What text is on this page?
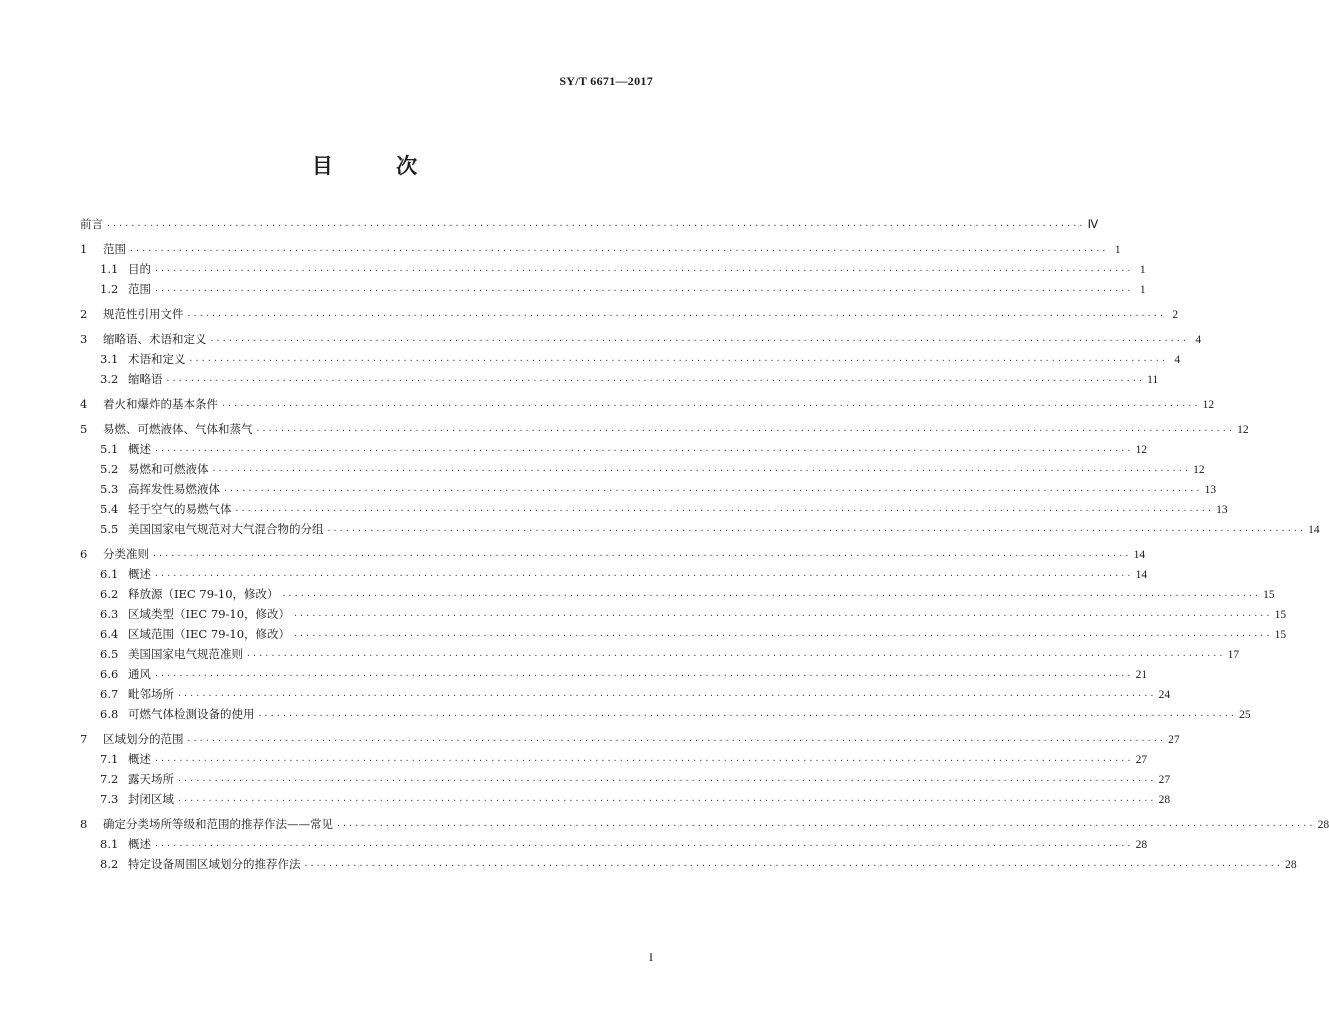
SY/T 6671—2017
目 次
前言 ································································································································································ Ⅳ
1	范围 ································································································································································ 1
1.1 目的 ································································································································································ 1
1.2 范围 ································································································································································ 1
2	规范性引用文件 ································································································································································ 2
3	缩略语、术语和定义 ································································································································································ 4
3.1 术语和定义 ································································································································································ 4
3.2 缩略语 ································································································································································ 11
4	着火和爆炸的基本条件 ································································································································································ 12
5	易燃、可燃液体、气体和蒸气 ································································································································································ 12
5.1 概述 ································································································································································ 12
5.2 易燃和可燃液体 ································································································································································ 12
5.3 高挥发性易燃液体 ································································································································································ 13
5.4 轻于空气的易燃气体 ································································································································································ 13
5.5 美国国家电气规范对大气混合物的分组 ································································································································································ 14
6	分类准则 ································································································································································ 14
6.1 概述 ································································································································································ 14
6.2 释放源（IEC 79-10，修改） ································································································································································ 15
6.3 区域类型（IEC 79-10，修改） ································································································································································ 15
6.4 区域范围（IEC 79-10，修改） ································································································································································ 15
6.5 美国国家电气规范准则 ································································································································································ 17
6.6 通风 ································································································································································ 21
6.7 毗邻场所 ································································································································································ 24
6.8 可燃气体检测设备的使用 ································································································································································ 25
7	区域划分的范围 ································································································································································ 27
7.1 概述 ································································································································································ 27
7.2 露天场所 ································································································································································ 27
7.3 封闭区域 ································································································································································ 28
8	确定分类场所等级和范围的推荐作法——常见 ································································································································································ 28
8.1 概述 ································································································································································ 28
8.2 特定设备周围区域划分的推荐作法 ································································································································································ 28
I
